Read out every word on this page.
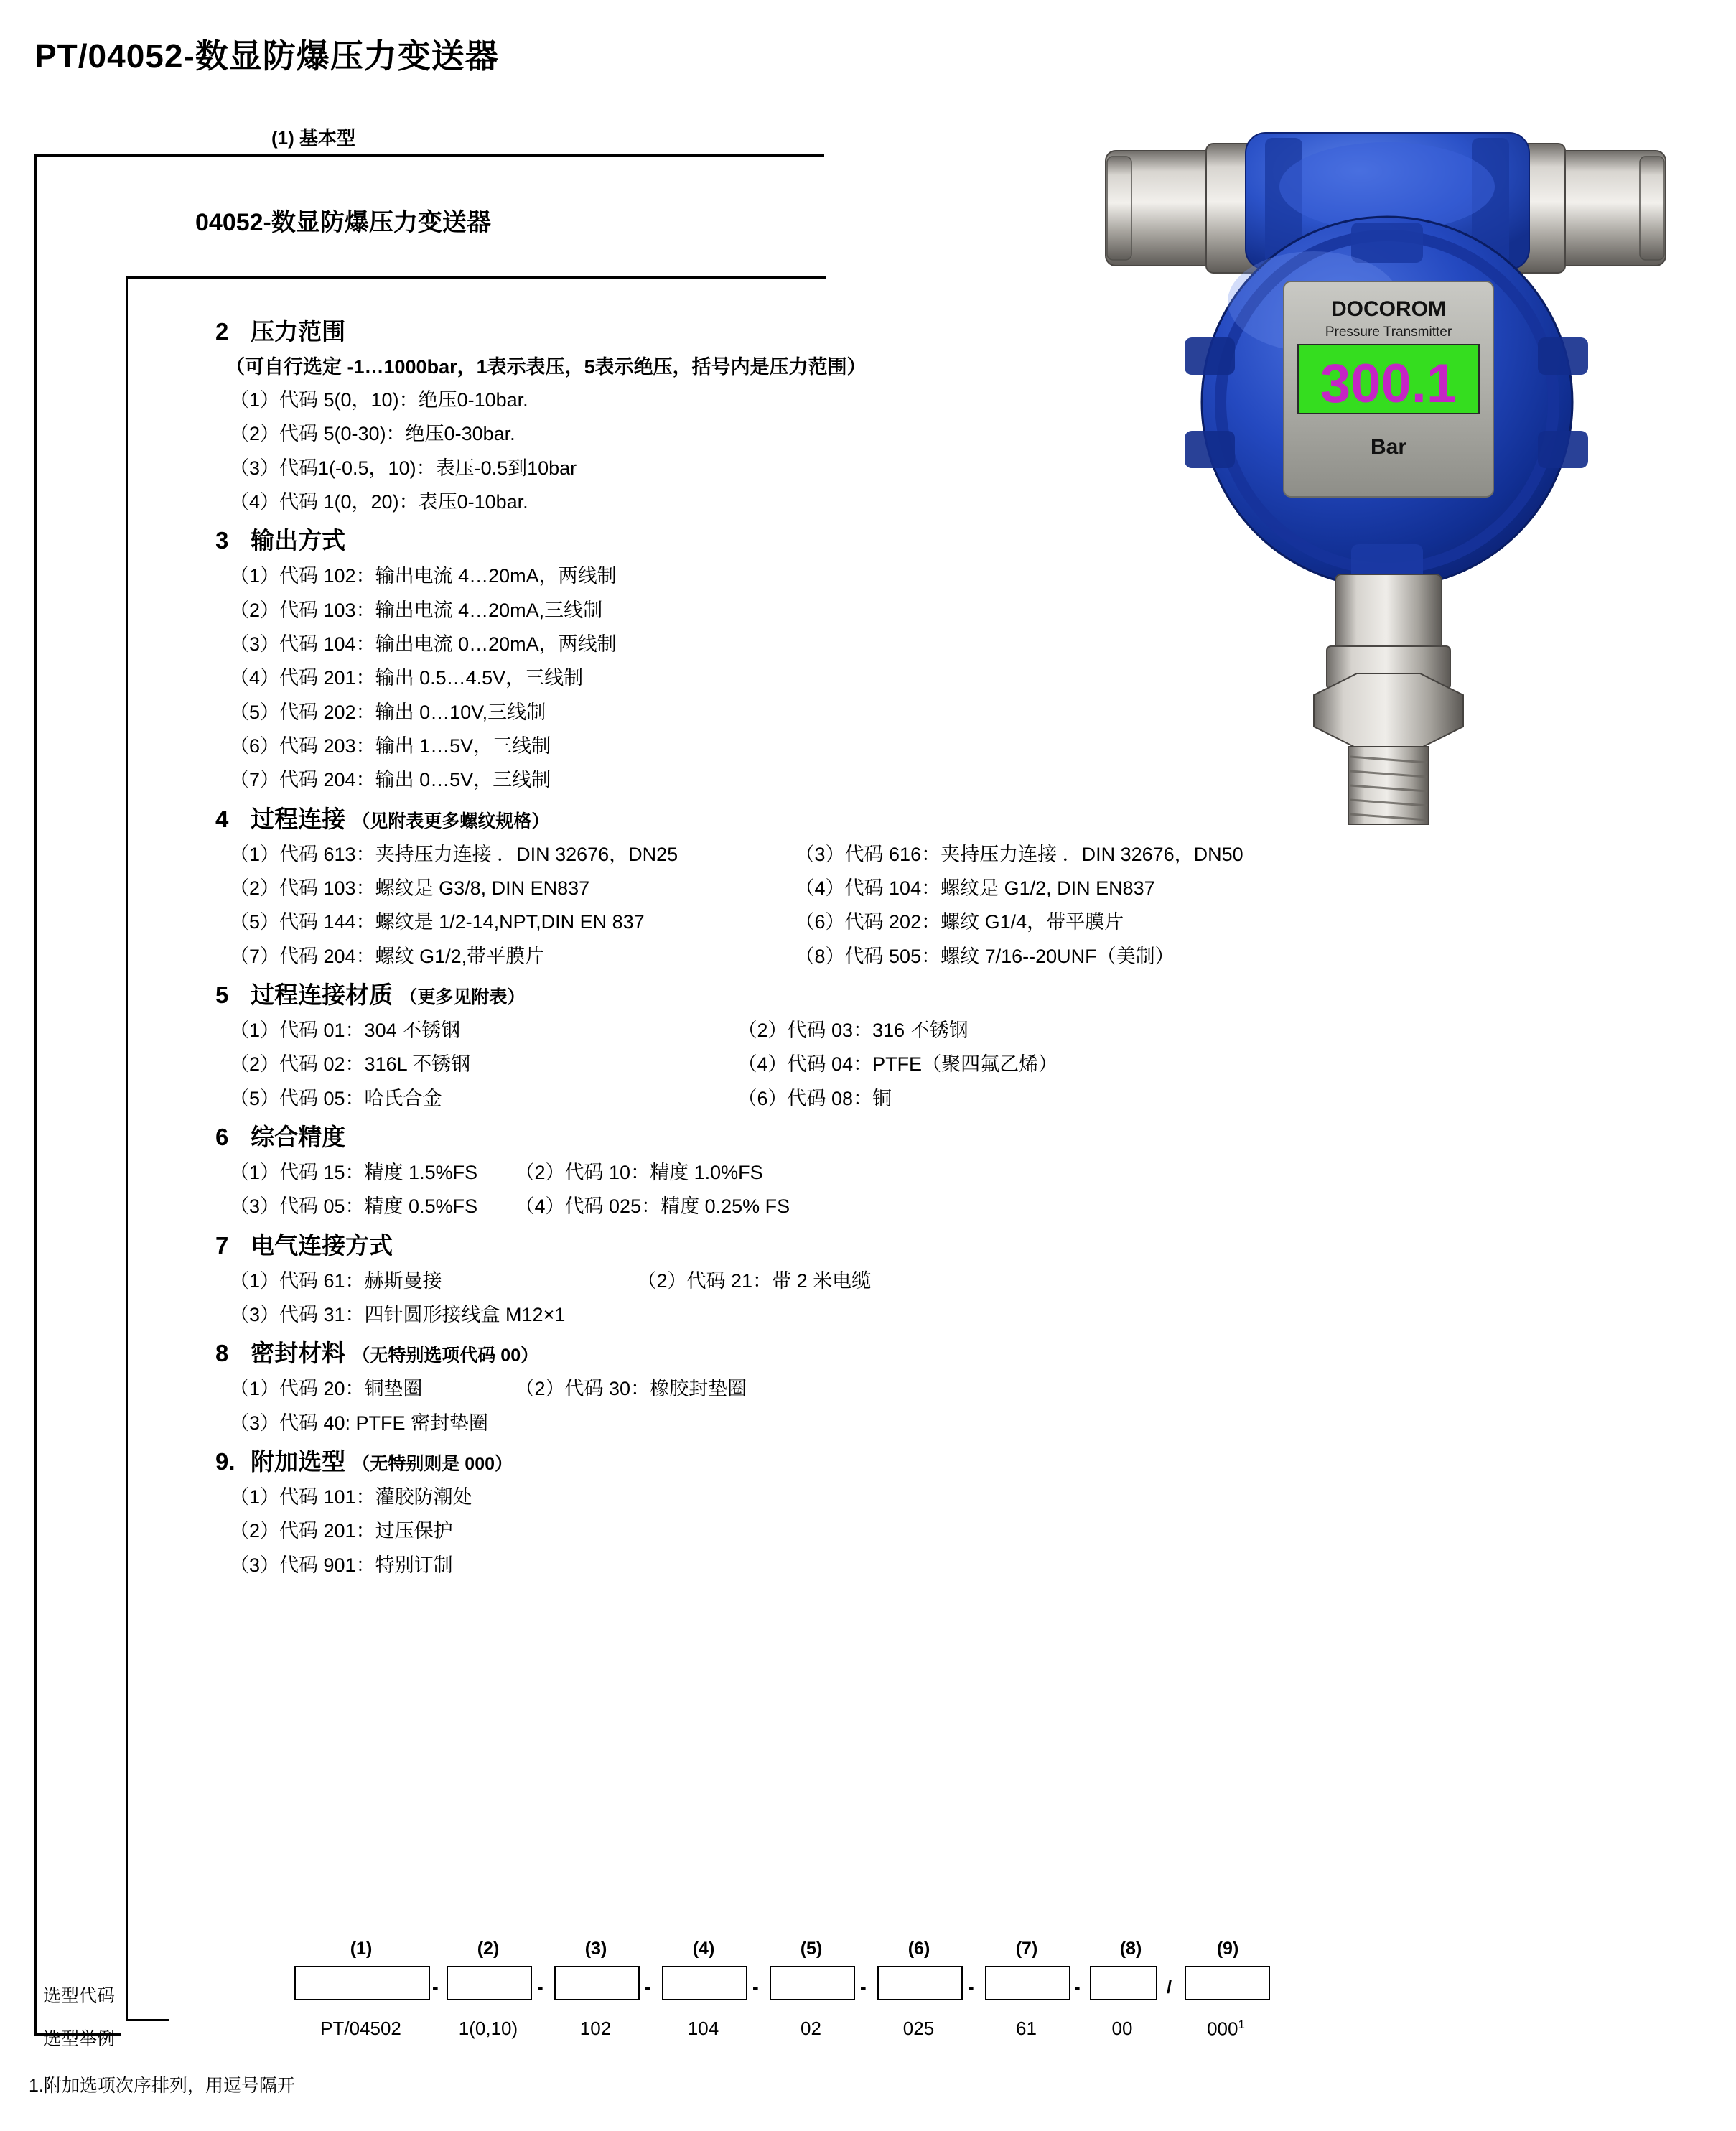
PT/04052-数显防爆压力变送器
(1) 基本型
04052-数显防爆压力变送器
DOCOROM
Pressure Transmitter
300.1
Bar
2 压力范围
（可自行选定 -1…1000bar，1表示表压，5表示绝压，括号内是压力范围）
（1）代码 5(0，10)：绝压0-10bar.
（2）代码 5(0-30)：绝压0-30bar.
（3）代码1(-0.5，10)：表压-0.5到10bar
（4）代码 1(0，20)：表压0-10bar.
3 输出方式
（1）代码 102：输出电流 4…20mA，两线制
（2）代码 103：输出电流 4…20mA,三线制
（3）代码 104：输出电流 0…20mA，两线制
（4）代码 201：输出 0.5…4.5V，三线制
（5）代码 202：输出 0…10V,三线制
（6）代码 203：输出 1…5V，三线制
（7）代码 204：输出 0…5V，三线制
4 过程连接 （见附表更多螺纹规格）
（1）代码 613：夹持压力连接 ．DIN 32676，DN25	（3）代码 616：夹持压力连接 ．DIN 32676，DN50
（2）代码 103：螺纹是 G3/8, DIN EN837	（4）代码 104：螺纹是 G1/2, DIN EN837
（5）代码 144：螺纹是 1/2-14,NPT,DIN EN 837	（6）代码 202：螺纹 G1/4，带平膜片
（7）代码 204：螺纹 G1/2,带平膜片	（8）代码 505：螺纹 7/16--20UNF（美制）
5 过程连接材质 （更多见附表）
（1）代码 01：304 不锈钢	（2）代码 03：316 不锈钢
（2）代码 02：316L 不锈钢	（4）代码 04：PTFE（聚四氟乙烯）
（5）代码 05：哈氏合金	（6）代码 08：铜
6 综合精度
（1）代码 15：精度 1.5%FS （2）代码 10：精度 1.0%FS
（3）代码 05：精度 0.5%FS （4）代码 025：精度 0.25% FS
7 电气连接方式
（1）代码 61：赫斯曼接	（2）代码 21：带 2 米电缆
（3）代码 31：四针圆形接线盒 M12×1
8 密封材料 （无特别选项代码 00）
（1）代码 20：铜垫圈	（2）代码 30：橡胶封垫圈
（3）代码 40: PTFE 密封垫圈
9. 附加选型 （无特别则是 000）
（1）代码 101：灌胶防潮处
（2）代码 201：过压保护
（3）代码 901：特别订制
选型代码
选型举例
1.附加选项次序排列，用逗号隔开
(1)	(2)	(3)	(4)	(5)	(6)	(7)	(8)	(9)
-	-	-	-	-	-	-	/
PT/04502	1(0,10)	102	104	02	025	61	00	$000^1$
